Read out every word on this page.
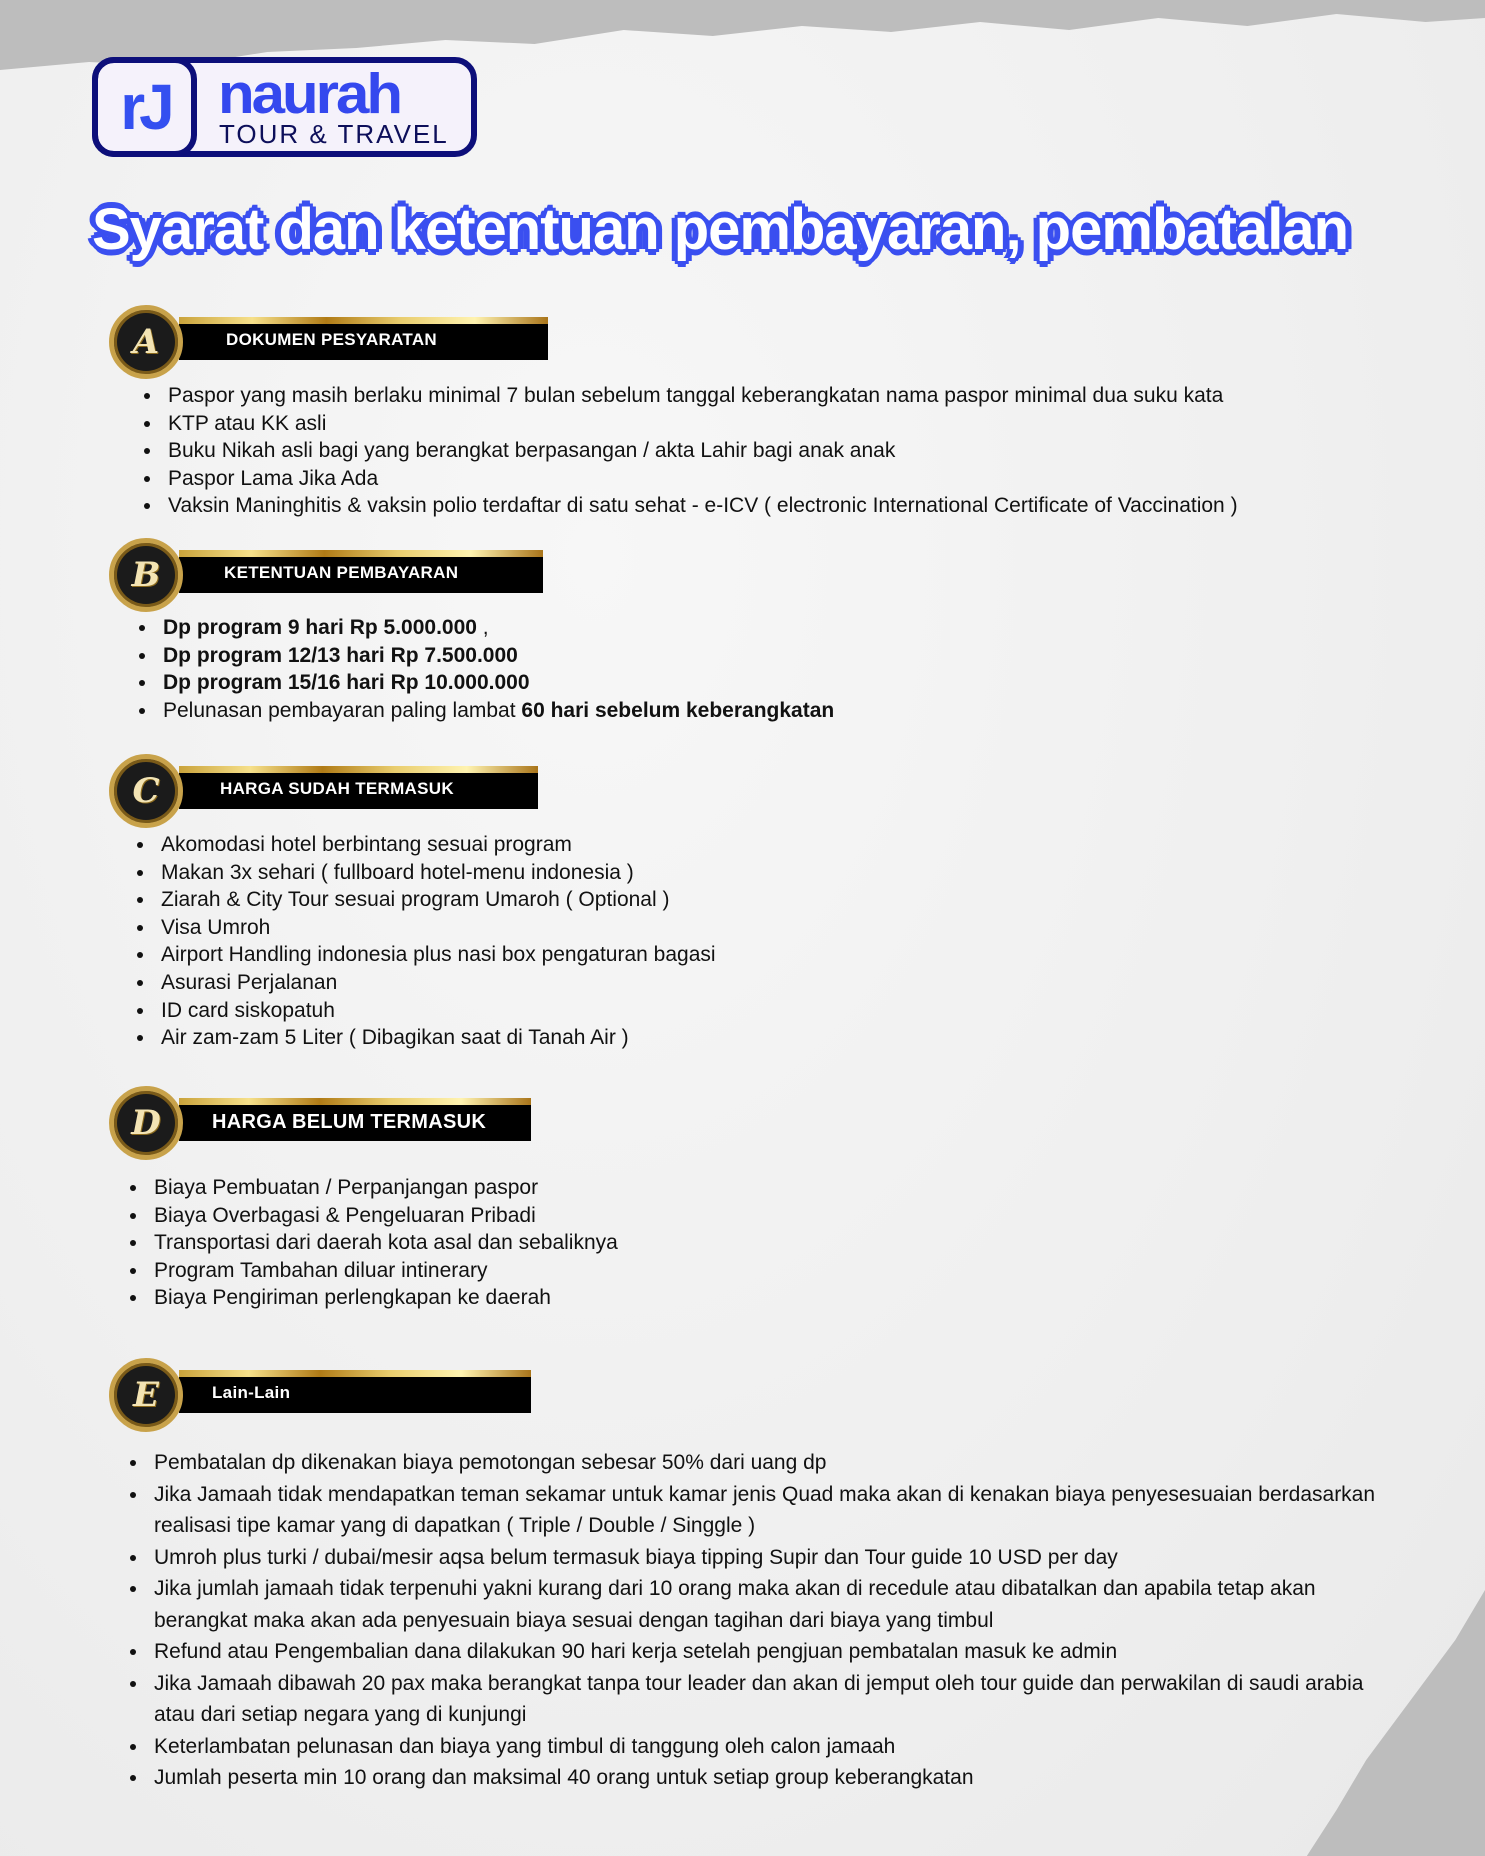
rJ naurah
TOUR & TRAVEL
Syarat dan ketentuan pembayaran, pembatalan
DOKUMEN PESYARATAN
A
Paspor yang masih berlaku minimal 7 bulan sebelum tanggal keberangkatan nama paspor minimal dua suku kata
KTP atau KK asli
Buku Nikah asli bagi yang berangkat berpasangan / akta Lahir bagi anak anak
Paspor Lama Jika Ada
Vaksin Maninghitis & vaksin polio terdaftar di satu sehat - e-ICV ( electronic International Certificate of Vaccination )
KETENTUAN PEMBAYARAN
B
Dp program 9 hari Rp 5.000.000 ,
Dp program 12/13 hari Rp 7.500.000
Dp program 15/16 hari Rp 10.000.000
Pelunasan pembayaran paling lambat 60 hari sebelum keberangkatan
HARGA SUDAH TERMASUK
C
Akomodasi hotel berbintang sesuai program
Makan 3x sehari ( fullboard hotel-menu indonesia )
Ziarah & City Tour sesuai program Umaroh ( Optional )
Visa Umroh
Airport Handling indonesia plus nasi box pengaturan bagasi
Asurasi Perjalanan
ID card siskopatuh
Air zam-zam 5 Liter ( Dibagikan saat di Tanah Air )
HARGA BELUM TERMASUK
D
Biaya Pembuatan / Perpanjangan paspor
Biaya Overbagasi & Pengeluaran Pribadi
Transportasi dari daerah kota asal dan sebaliknya
Program Tambahan diluar intinerary
Biaya Pengiriman perlengkapan ke daerah
Lain-Lain
E
Pembatalan dp dikenakan biaya pemotongan sebesar 50% dari uang dp
Jika Jamaah tidak mendapatkan teman sekamar untuk kamar jenis Quad maka akan di kenakan biaya penyesesuaian berdasarkan realisasi tipe kamar yang di dapatkan ( Triple / Double / Singgle )
Umroh plus turki / dubai/mesir aqsa belum termasuk biaya tipping Supir dan Tour guide 10 USD per day
Jika jumlah jamaah tidak terpenuhi yakni kurang dari 10 orang maka akan di recedule atau dibatalkan dan apabila tetap akan berangkat maka akan ada penyesuain biaya sesuai dengan tagihan dari biaya yang timbul
Refund atau Pengembalian dana dilakukan 90 hari kerja setelah pengjuan pembatalan masuk ke admin
Jika Jamaah dibawah 20 pax maka berangkat tanpa tour leader dan akan di jemput oleh tour guide dan perwakilan di saudi arabia atau dari setiap negara yang di kunjungi
Keterlambatan pelunasan dan biaya yang timbul di tanggung oleh calon jamaah
Jumlah peserta min 10 orang dan maksimal 40 orang untuk setiap group keberangkatan
